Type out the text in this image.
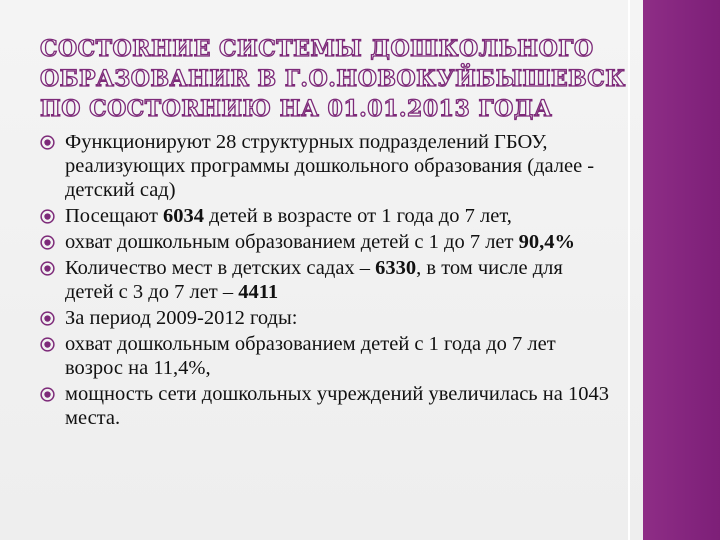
СОСТОRНИЕ СИСТЕМЫ ДОШКОЛЬНОГО
ОБРАЗОВАНИR В Г.О.НОВОКУЙБЫШЕВСК
ПО СОСТОRНИЮ НА 01.01.2013 ГОДА
Функционируют 28 структурных подразделений ГБОУ, реализующих программы дошкольного образования (далее - детский сад)
Посещают 6034 детей в возрасте от 1 года до 7 лет,
охват дошкольным образованием детей с 1 до 7 лет 90,4%
Количество мест в детских садах – 6330, в том числе для детей с 3 до 7 лет – 4411
За период 2009-2012 годы:
охват дошкольным образованием детей с 1 года до 7 лет возрос на 11,4%,
мощность сети дошкольных учреждений увеличилась на 1043 места.
